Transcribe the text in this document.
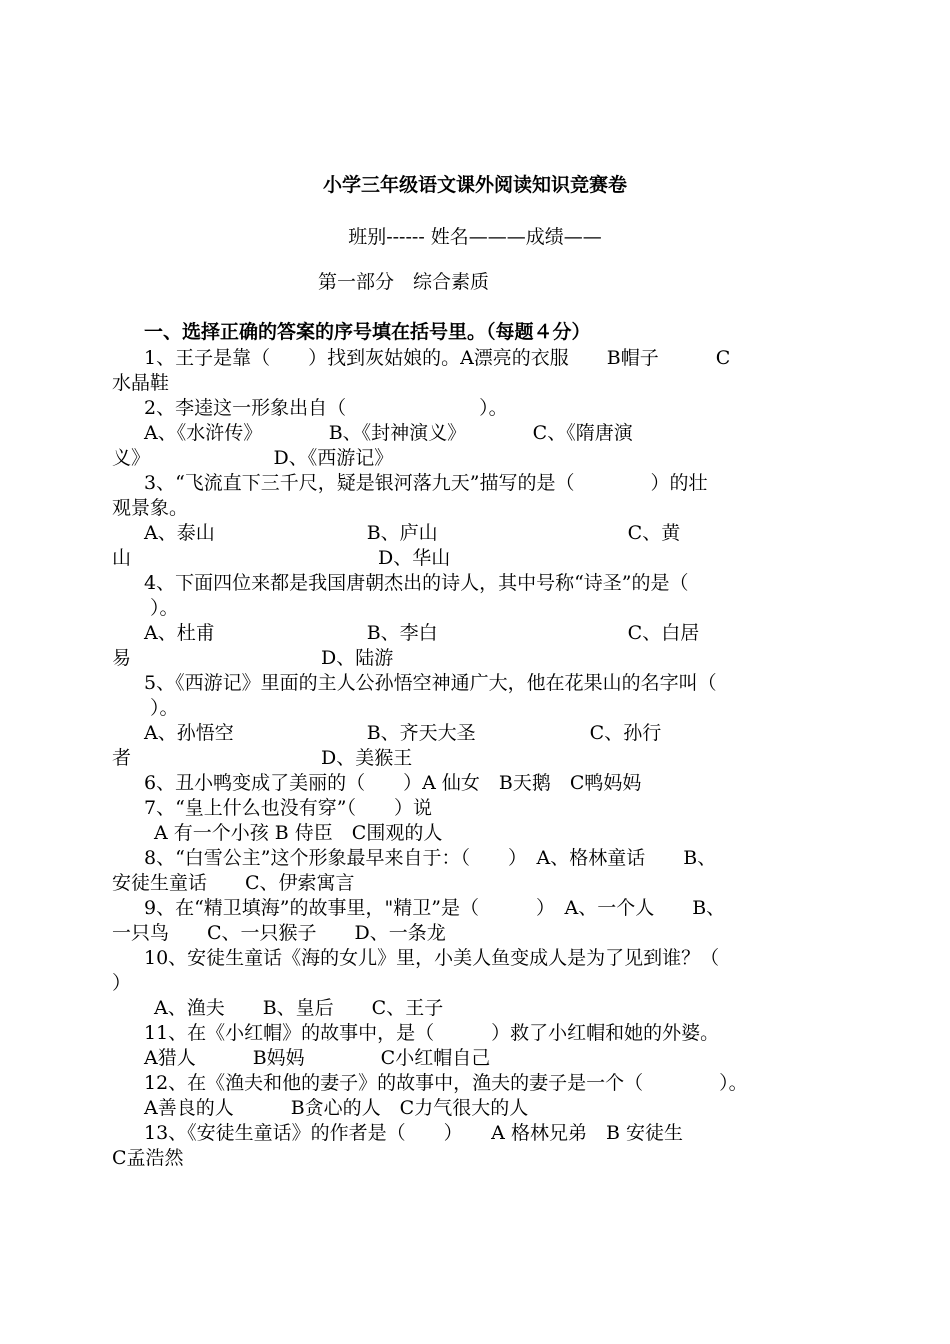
小学三年级语文课外阅读知识竞赛卷
班别------ 姓名———成绩——
第一部分　综合素质
一、选择正确的答案的序号填在括号里。（每题４分）
1、王子是靠（　　）找到灰姑娘的。A漂亮的衣服　　B帽子　　　C
水晶鞋
2、李逵这一形象出自（　　　　　　　）。
A、《水浒传》　　　　B、《封神演义》　　　　C、《隋唐演
义》　　　　　　　D、《西游记》
3、“飞流直下三千尺，疑是银河落九天”描写的是（　　　　）的壮
观景象。
A、泰山　　　　　　　　B、庐山　　　　　　　　　　C、黄
山　　　　　　　　　　　　　D、华山
4、下面四位来都是我国唐朝杰出的诗人，其中号称“诗圣”的是（
　　）。
A、杜甫　　　　　　　　B、李白　　　　　　　　　　C、白居
易　　　　　　　　　　D、陆游
5、《西游记》里面的主人公孙悟空神通广大，他在花果山的名字叫（
　　）。
A、孙悟空　　　　　　　B、齐天大圣　　　　　　C、孙行
者　　　　　　　　　　D、美猴王
6、丑小鸭变成了美丽的（　　）A 仙女　B天鹅　C鸭妈妈
7、“皇上什么也没有穿”（　　）说
A 有一个小孩 B 侍臣　C围观的人
8、“白雪公主”这个形象最早来自于：（　　）　A、格林童话　　B、
安徒生童话　　C、伊索寓言
9、在“精卫填海”的故事里，"精卫”是（　　　）　A、一个人　　B、
一只鸟　　C、一只猴子　　D、一条龙
10、安徒生童话《海的女儿》里，小美人鱼变成人是为了见到谁？（
）
A、渔夫　　B、皇后　　C、王子
11、在《小红帽》的故事中，是（　　　）救了小红帽和她的外婆。
A猎人　　　B妈妈　　　　C小红帽自己
12、在《渔夫和他的妻子》的故事中，渔夫的妻子是一个（　　　　）。
A善良的人　　　B贪心的人　C力气很大的人
13、《安徒生童话》的作者是（　　）　　A 格林兄弟　B 安徒生
C孟浩然
